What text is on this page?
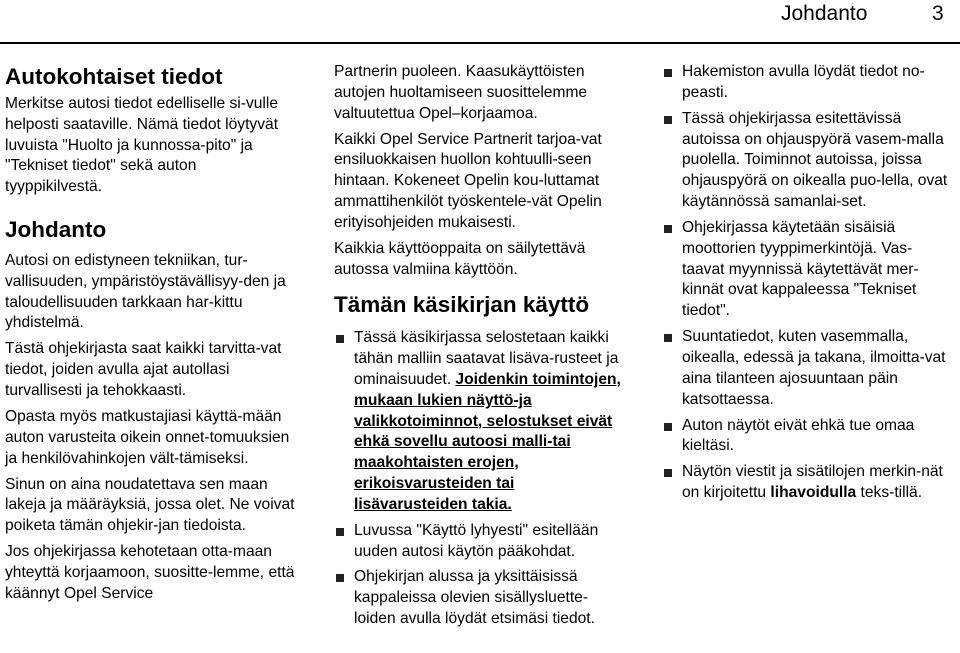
Johdanto	3
Autokohtaiset tiedot

Merkitse autosi tiedot edelliselle si-vulle helposti saataville. Nämä tiedot löytyvät luvuista "Huolto ja kunnossa-pito" ja "Tekniset tiedot" sekä auton tyyppikilvestä.

Johdanto

Autosi on edistyneen tekniikan, tur-vallisuuden, ympäristöystävällisyy-den ja taloudellisuuden tarkkaan har-kittu yhdistelmä.

Tästä ohjekirjasta saat kaikki tarvitta-vat tiedot, joiden avulla ajat autollasi turvallisesti ja tehokkaasti.

Opasta myös matkustajiasi käyttä-mään auton varusteita oikein onnet-tomuuksien ja henkilövahinkojen vält-tämiseksi.

Sinun on aina noudatettava sen maan lakeja ja määräyksiä, jossa olet. Ne voivat poiketa tämän ohjekir-jan tiedoista.

Jos ohjekirjassa kehotetaan otta-maan yhteyttä korjaamoon, suositte-lemme, että käännyt Opel Service

Partnerin puoleen. Kaasukäyttöisten autojen huoltamiseen suosittelemme valtuutettua Opel–korjaamoa.

Kaikki Opel Service Partnerit tarjoa-vat ensiluokkaisen huollon kohtuulli-seen hintaan. Kokeneet Opelin kou-luttamat ammattihenkilöt työskentele-vät Opelin erityisohjeiden mukaisesti.

Kaikkia käyttöoppaita on säilytettävä autossa valmiina käyttöön.

Tämän käsikirjan käyttö
Tässä käsikirjassa selostetaan kaikki tähän malliin saatavat lisäva-rusteet ja ominaisuudet. Joidenkin toimintojen, mukaan lukien näyttö-ja valikkotoiminnot, selostukset eivät ehkä sovellu autoosi malli-tai maakohtaisten erojen, erikoisvarusteiden tai lisävarusteiden takia.
Luvussa "Käyttö lyhyesti" esitellään uuden autosi käytön pääkohdat.
Ohjekirjan alussa ja yksittäisissä kappaleissa olevien sisällysluette-loiden avulla löydät etsimäsi tiedot.
Hakemiston avulla löydät tiedot no-peasti.
Tässä ohjekirjassa esitettävissä autoissa on ohjauspyörä vasem-malla puolella. Toiminnot autoissa, joissa ohjauspyörä on oikealla puo-lella, ovat käytännössä samanlai-set.
Ohjekirjassa käytetään sisäisiä moottorien tyyppimerkintöjä. Vas-taavat myynnissä käytettävät mer-kinnät ovat kappaleessa "Tekniset tiedot".
Suuntatiedot, kuten vasemmalla, oikealla, edessä ja takana, ilmoitta-vat aina tilanteen ajosuuntaan päin katsottaessa.
Auton näytöt eivät ehkä tue omaa kieltäsi.
Näytön viestit ja sisätilojen merkin-nät on kirjoitettu lihavoidulla teks-tillä.
